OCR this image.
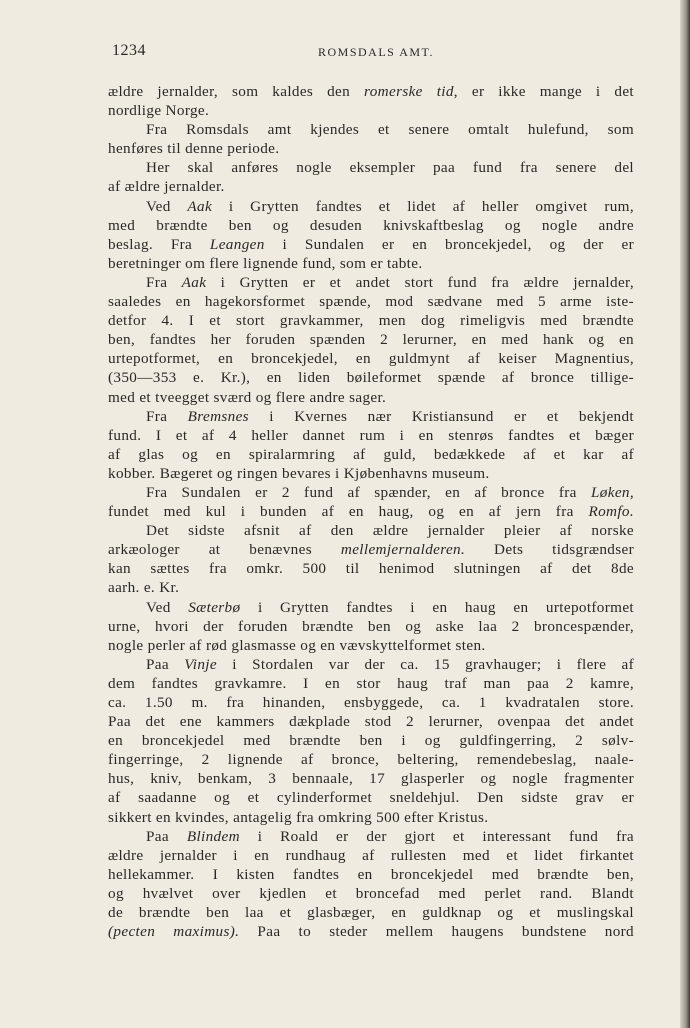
1234	ROMSDALS AMT.
ældre jernalder, som kaldes den romerske tid, er ikke mange i det
nordlige Norge.
Fra Romsdals amt kjendes et senere omtalt hulefund, som
henføres til denne periode.
Her skal anføres nogle eksempler paa fund fra senere del
af ældre jernalder.
Ved Aak i Grytten fandtes et lidet af heller omgivet rum,
med brændte ben og desuden knivskaftbeslag og nogle andre
beslag. Fra Leangen i Sundalen er en broncekjedel, og der er
beretninger om flere lignende fund, som er tabte.
Fra Aak i Grytten er et andet stort fund fra ældre jernalder,
saaledes en hagekorsformet spænde, mod sædvane med 5 arme iste-
detfor 4. I et stort gravkammer, men dog rimeligvis med brændte
ben, fandtes her foruden spænden 2 lerurner, en med hank og en
urtepotformet, en broncekjedel, en guldmynt af keiser Magnentius,
(350—353 e. Kr.), en liden bøileformet spænde af bronce tillige-
med et tveegget sværd og flere andre sager.
Fra Bremsnes i Kvernes nær Kristiansund er et bekjendt
fund. I et af 4 heller dannet rum i en stenrøs fandtes et bæger
af glas og en spiralarmring af guld, bedækkede af et kar af
kobber. Bægeret og ringen bevares i Kjøbenhavns museum.
Fra Sundalen er 2 fund af spænder, en af bronce fra Løken,
fundet med kul i bunden af en haug, og en af jern fra Romfo.
Det sidste afsnit af den ældre jernalder pleier af norske
arkæologer at benævnes mellemjernalderen. Dets tidsgrændser
kan sættes fra omkr. 500 til henimod slutningen af det 8de
aarh. e. Kr.
Ved Sæterbø i Grytten fandtes i en haug en urtepotformet
urne, hvori der foruden brændte ben og aske laa 2 broncespænder,
nogle perler af rød glasmasse og en vævskyttelformet sten.
Paa Vinje i Stordalen var der ca. 15 gravhauger; i flere af
dem fandtes gravkamre. I en stor haug traf man paa 2 kamre,
ca. 1.50 m. fra hinanden, ensbyggede, ca. 1 kvadratalen store.
Paa det ene kammers dækplade stod 2 lerurner, ovenpaa det andet
en broncekjedel med brændte ben i og guldfingerring, 2 sølv-
fingerringe, 2 lignende af bronce, beltering, remendebeslag, naale-
hus, kniv, benkam, 3 bennaale, 17 glasperler og nogle fragmenter
af saadanne og et cylinderformet sneldehjul. Den sidste grav er
sikkert en kvindes, antagelig fra omkring 500 efter Kristus.
Paa Blindem i Roald er der gjort et interessant fund fra
ældre jernalder i en rundhaug af rullesten med et lidet firkantet
hellekammer. I kisten fandtes en broncekjedel med brændte ben,
og hvælvet over kjedlen et broncefad med perlet rand. Blandt
de brændte ben laa et glasbæger, en guldknap og et muslingskal
(pecten maximus). Paa to steder mellem haugens bundstene nord
